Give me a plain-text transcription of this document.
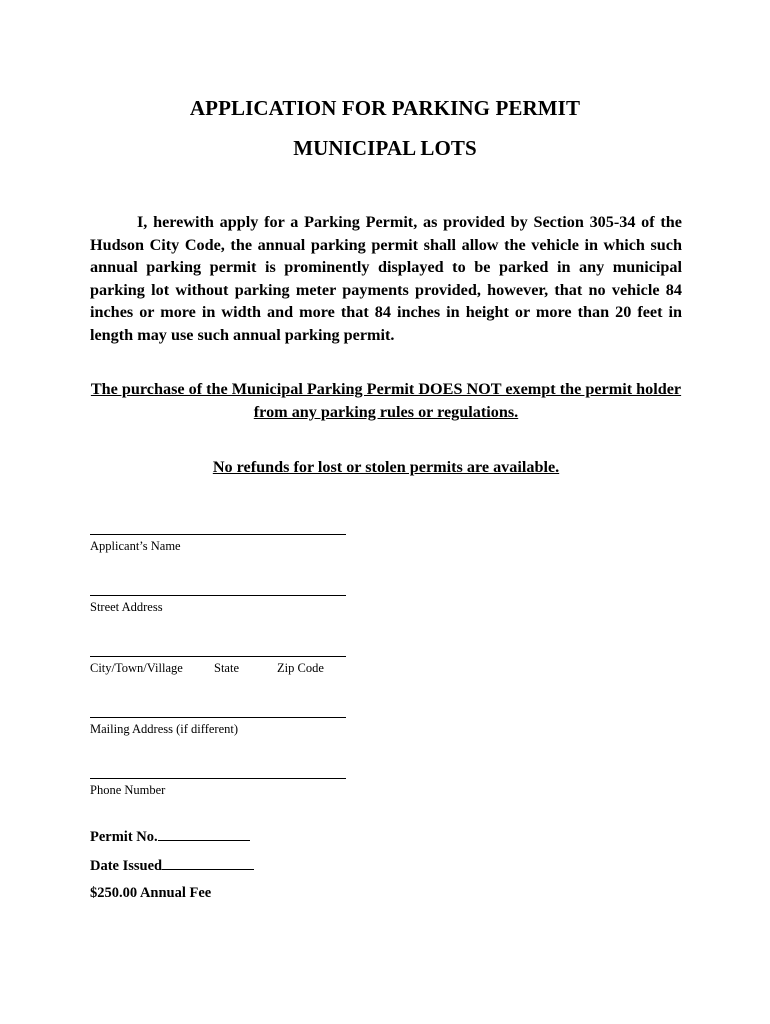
APPLICATION FOR PARKING PERMIT
MUNICIPAL LOTS

I, herewith apply for a Parking Permit, as provided by Section 305-34 of the Hudson City Code, the annual parking permit shall allow the vehicle in which such annual parking permit is prominently displayed to be parked in any municipal parking lot without parking meter payments provided, however, that no vehicle 84 inches or more in width and more that 84 inches in height or more than 20 feet in length may use such annual parking permit.

The purchase of the Municipal Parking Permit DOES NOT exempt the permit holder from any parking rules or regulations.

No refunds for lost or stolen permits are available.

Applicant’s Name
Street Address
City/Town/Village	State	Zip Code
Mailing Address (if different)
Phone Number

Permit No.

Date Issued

$250.00 Annual Fee
